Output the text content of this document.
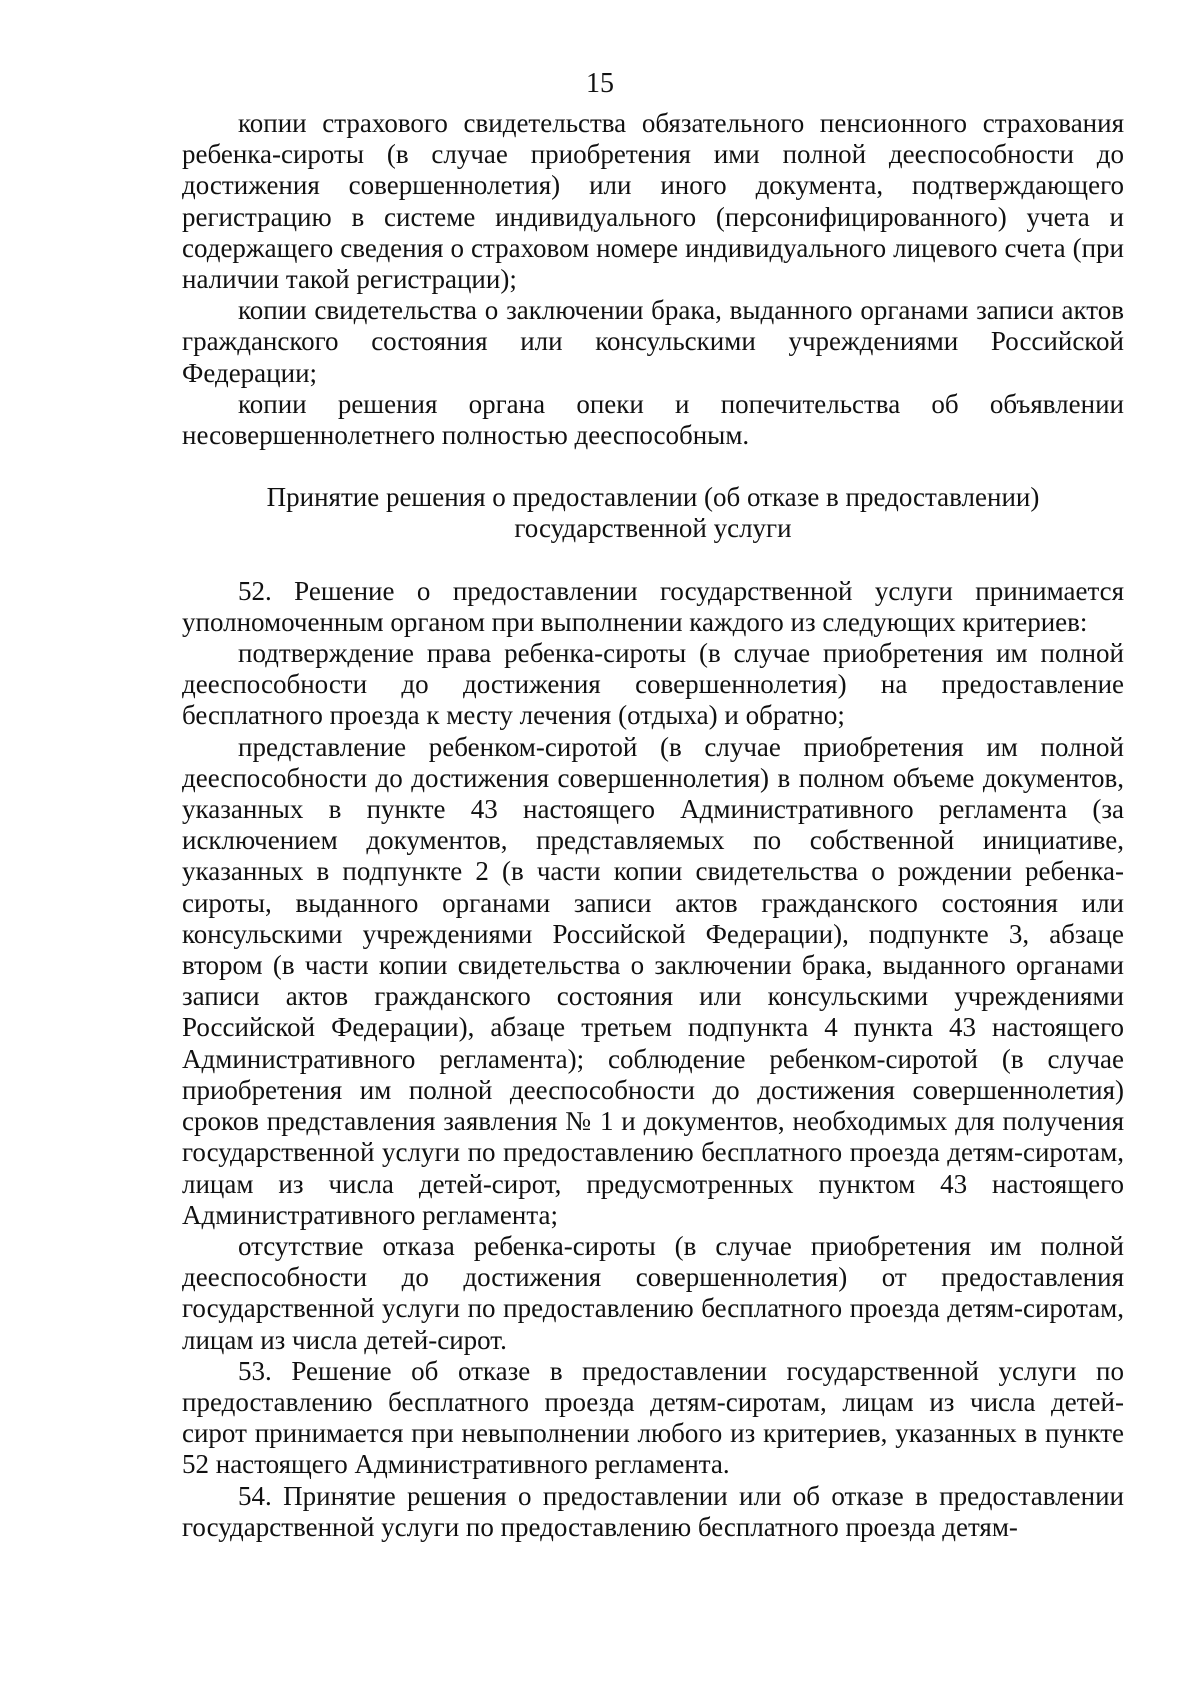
15

копии страхового свидетельства обязательного пенсионного страхования ребенка-сироты (в случае приобретения ими полной дееспособности до достижения совершеннолетия) или иного документа, подтверждающего регистрацию в системе индивидуального (персонифицированного) учета и содержащего сведения о страховом номере индивидуального лицевого счета (при наличии такой регистрации);

копии свидетельства о заключении брака, выданного органами записи актов гражданского состояния или консульскими учреждениями Российской Федерации;

копии решения органа опеки и попечительства об объявлении несовершеннолетнего полностью дееспособным.

Принятие решения о предоставлении (об отказе в предоставлении)
государственной услуги

52. Решение о предоставлении государственной услуги принимается уполномоченным органом при выполнении каждого из следующих критериев:

подтверждение права ребенка-сироты (в случае приобретения им полной дееспособности до достижения совершеннолетия) на предоставление бесплатного проезда к месту лечения (отдыха) и обратно;

представление ребенком-сиротой (в случае приобретения им полной дееспособности до достижения совершеннолетия) в полном объеме документов, указанных в пункте 43 настоящего Административного регламента (за исключением документов, представляемых по собственной инициативе, указанных в подпункте 2 (в части копии свидетельства о рождении ребенка-сироты, выданного органами записи актов гражданского состояния или консульскими учреждениями Российской Федерации), подпункте 3, абзаце втором (в части копии свидетельства о заключении брака, выданного органами записи актов гражданского состояния или консульскими учреждениями Российской Федерации), абзаце третьем подпункта 4 пункта 43 настоящего Административного регламента); соблюдение ребенком-сиротой (в случае приобретения им полной дееспособности до достижения совершеннолетия) сроков представления заявления № 1 и документов, необходимых для получения государственной услуги по предоставлению бесплатного проезда детям-сиротам, лицам из числа детей-сирот, предусмотренных пунктом 43 настоящего Административного регламента;

отсутствие отказа ребенка-сироты (в случае приобретения им полной дееспособности до достижения совершеннолетия) от предоставления государственной услуги по предоставлению бесплатного проезда детям-сиротам, лицам из числа детей-сирот.

53. Решение об отказе в предоставлении государственной услуги по предоставлению бесплатного проезда детям-сиротам, лицам из числа детей-сирот принимается при невыполнении любого из критериев, указанных в пункте 52 настоящего Административного регламента.

54. Принятие решения о предоставлении или об отказе в предоставлении государственной услуги по предоставлению бесплатного проезда детям-
